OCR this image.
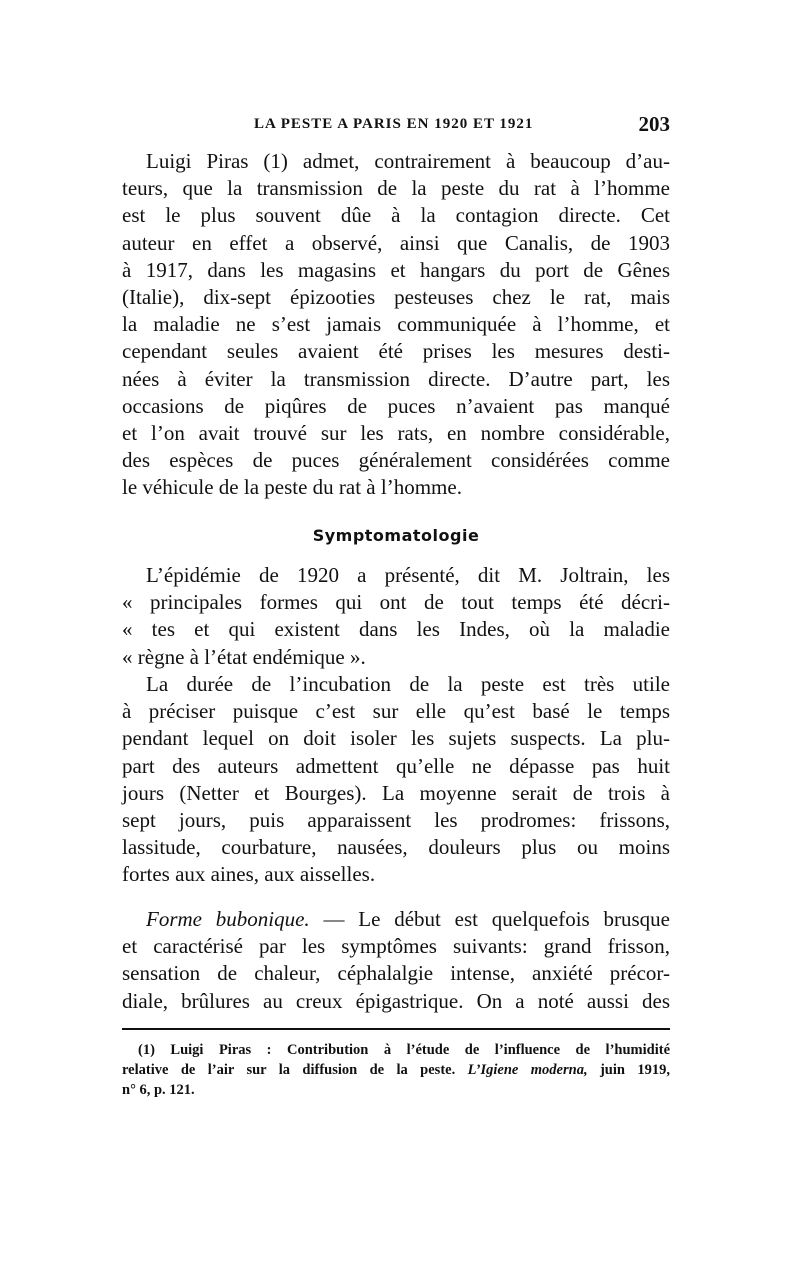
LA PESTE A PARIS EN 1920 ET 1921	203
Luigi Piras (1) admet, contrairement à beaucoup d’au-
teurs, que la transmission de la peste du rat à l’homme
est le plus souvent dûe à la contagion directe. Cet
auteur en effet a observé, ainsi que Canalis, de 1903
à 1917, dans les magasins et hangars du port de Gênes
(Italie), dix-sept épizooties pesteuses chez le rat, mais
la maladie ne s’est jamais communiquée à l’homme, et
cependant seules avaient été prises les mesures desti-
nées à éviter la transmission directe. D’autre part, les
occasions de piqûres de puces n’avaient pas manqué
et l’on avait trouvé sur les rats, en nombre considérable,
des espèces de puces généralement considérées comme
le véhicule de la peste du rat à l’homme.
Symptomatologie
L’épidémie de 1920 a présenté, dit M. Joltrain, les
« principales formes qui ont de tout temps été décri-
« tes et qui existent dans les Indes, où la maladie
« règne à l’état endémique ».
La durée de l’incubation de la peste est très utile
à préciser puisque c’est sur elle qu’est basé le temps
pendant lequel on doit isoler les sujets suspects. La plu-
part des auteurs admettent qu’elle ne dépasse pas huit
jours (Netter et Bourges). La moyenne serait de trois à
sept jours, puis apparaissent les prodromes: frissons,
lassitude, courbature, nausées, douleurs plus ou moins
fortes aux aines, aux aisselles.
Forme bubonique. — Le début est quelquefois brusque
et caractérisé par les symptômes suivants: grand frisson,
sensation de chaleur, céphalalgie intense, anxiété précor-
diale, brûlures au creux épigastrique. On a noté aussi des
(1) Luigi Piras : Contribution à l’étude de l’influence de l’humidité
relative de l’air sur la diffusion de la peste. L’Igiene moderna, juin 1919,
n° 6, p. 121.
